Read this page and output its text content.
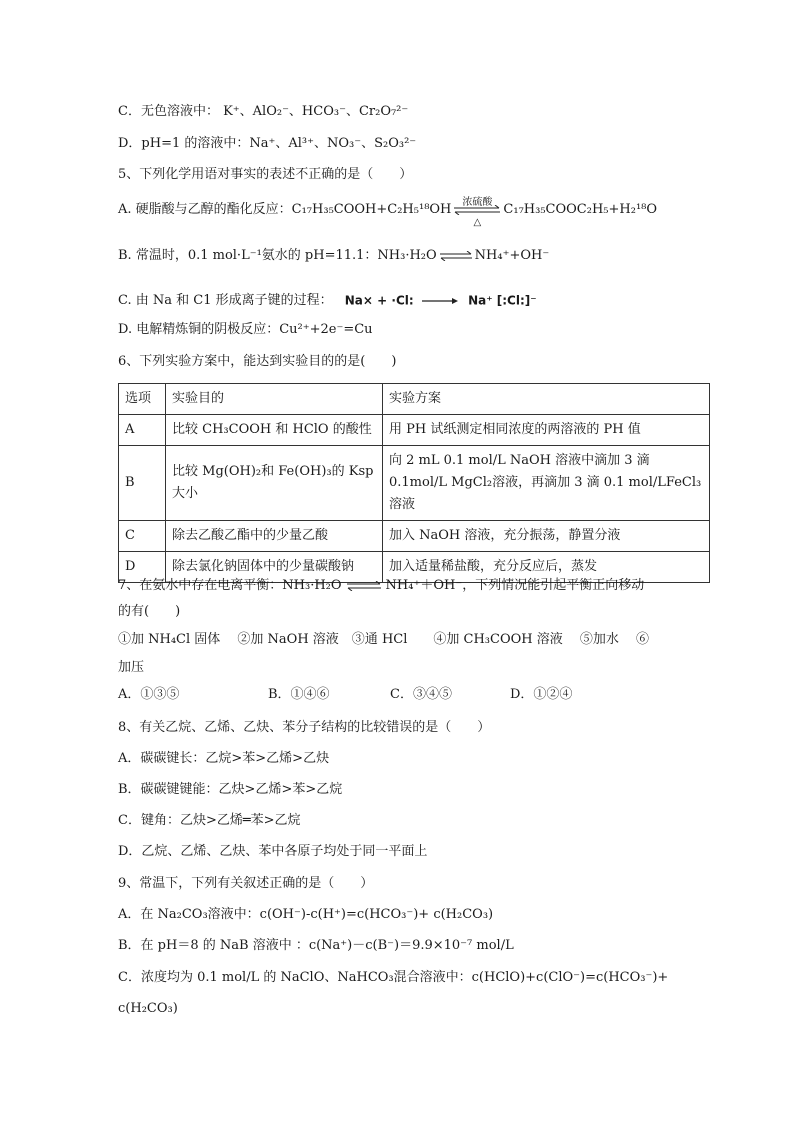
C．无色溶液中： K⁺、AlO₂⁻、HCO₃⁻、Cr₂O₇²⁻
D．pH=1 的溶液中：Na⁺、Al³⁺、NO₃⁻、S₂O₃²⁻
5、下列化学用语对事实的表述不正确的是（　　）
A. 硬脂酸与乙醇的酯化反应：C₁₇H₃₅COOH+C₂H₅¹⁸OH	浓硫酸
△
C₁₇H₃₅COOC₂H₅+H₂¹⁸O
B. 常温时，0.1 mol·L⁻¹氨水的 pH=11.1：NH₃·H₂O ⇌ NH₄⁺+OH⁻
C. 由 Na 和 C1 形成离子键的过程： Na× + ·Cl:	Na⁺ [:Cl:]⁻
D. 电解精炼铜的阴极反应：Cu²⁺+2e⁻=Cu
6、下列实验方案中，能达到实验目的的是(　　)
选项	实验目的	实验方案
A	比较 CH₃COOH 和 HClO 的酸性	用 PH 试纸测定相同浓度的两溶液的 PH 值
B	比较 Mg(OH)₂和 Fe(OH)₃的 Ksp 大小	向 2 mL 0.1 mol/L NaOH 溶液中滴加 3 滴 0.1mol/L MgCl₂溶液，再滴加 3 滴 0.1 mol/LFeCl₃溶液
C	除去乙酸乙酯中的少量乙酸	加入 NaOH 溶液，充分振荡，静置分液
D	除去氯化钠固体中的少量碳酸钠	加入适量稀盐酸，充分反应后，蒸发
7、在氨水中存在电离平衡：NH₃·H₂O ⇌ NH₄⁺＋OH⁻，下列情况能引起平衡正向移动
的有(　　)
①加 NH₄Cl 固体　 ②加 NaOH 溶液　③通 HCl　　④加 CH₃COOH 溶液　 ⑤加水　 ⑥
加压
A．①③⑤	B．①④⑥	C．③④⑤	D．①②④
8、有关乙烷、乙烯、乙炔、苯分子结构的比较错误的是（　　）
A．碳碳键长：乙烷>苯>乙烯>乙炔
B．碳碳键键能：乙炔>乙烯>苯>乙烷
C．键角：乙炔>乙烯═苯>乙烷
D．乙烷、乙烯、乙炔、苯中各原子均处于同一平面上
9、常温下，下列有关叙述正确的是（　　）
A．在 Na₂CO₃溶液中：c(OH⁻)-c(H⁺)=c(HCO₃⁻)+ c(H₂CO₃)
B．在 pH＝8 的 NaB 溶液中 ：c(Na⁺)－c(B⁻)＝9.9×10⁻⁷ mol/L
C．浓度均为 0.1 mol/L 的 NaClO、NaHCO₃混合溶液中：c(HClO)+c(ClO⁻)=c(HCO₃⁻)+
c(H₂CO₃)
